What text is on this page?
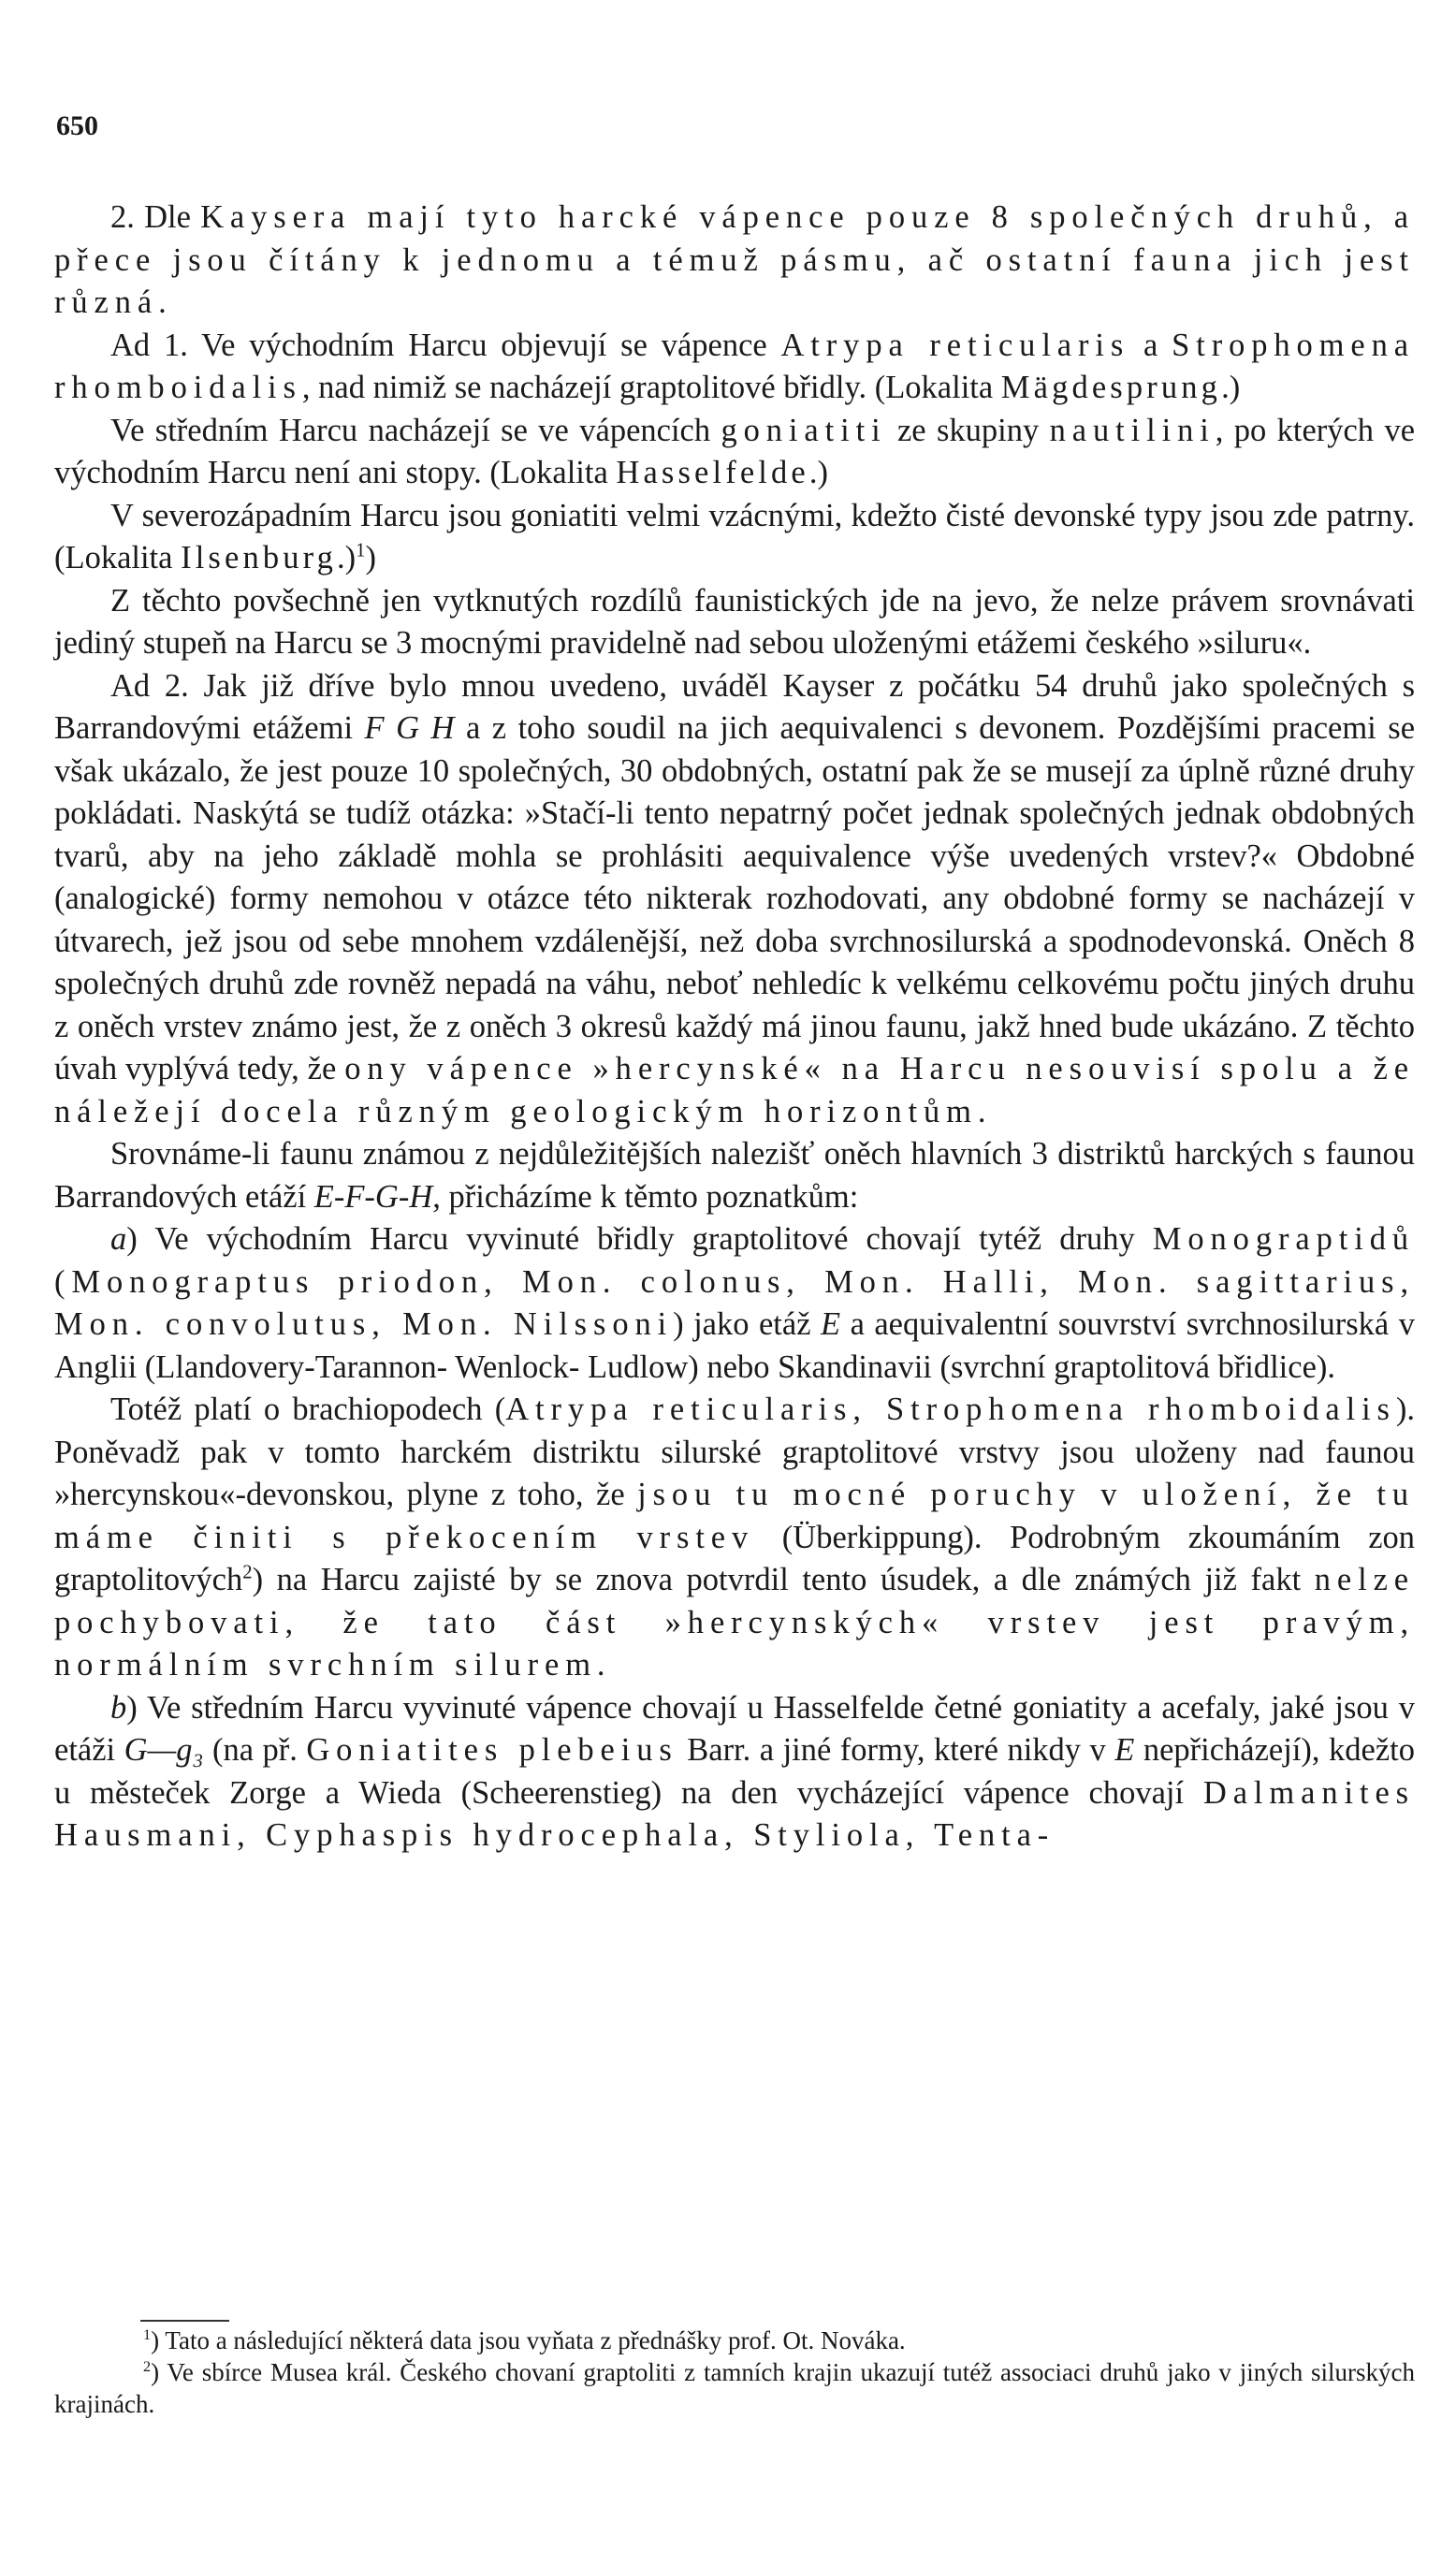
650

2. Dle Kaysera mají tyto harcké vápence pouze 8 společných druhů, a přece jsou čítány k jednomu a témuž pásmu, ač ostatní fauna jich jest různá.

Ad 1. Ve východním Harcu objevují se vápence Atrypa reticularis a Strophomena rhomboidalis, nad nimiž se nacházejí graptolitové břidly. (Lokalita Mägdesprung.)

Ve středním Harcu nacházejí se ve vápencích goniatiti ze skupiny nautilini, po kterých ve východním Harcu není ani stopy. (Lokalita Hasselfelde.)

V severozápadním Harcu jsou goniatiti velmi vzácnými, kdežto čisté devonské typy jsou zde patrny. (Lokalita Ilsenburg.)$^1$)

Z těchto povšechně jen vytknutých rozdílů faunistických jde na jevo, že nelze právem srovnávati jediný stupeň na Harcu se 3 mocnými pravidelně nad sebou uloženými etážemi českého »siluru«.

Ad 2. Jak již dříve bylo mnou uvedeno, uváděl Kayser z počátku 54 druhů jako společných s Barrandovými etážemi F G H a z toho soudil na jich aequivalenci s devonem. Pozdějšími pracemi se však ukázalo, že jest pouze 10 společných, 30 obdobných, ostatní pak že se musejí za úplně různé druhy pokládati. Naskýtá se tudíž otázka: »Stačí-li tento nepatrný počet jednak společných jednak obdobných tvarů, aby na jeho základě mohla se prohlásiti aequivalence výše uvedených vrstev?« Obdobné (analogické) formy nemohou v otázce této nikterak rozhodovati, any obdobné formy se nacházejí v útvarech, jež jsou od sebe mnohem vzdálenější, než doba svrchnosilurská a spodnodevonská. Oněch 8 společných druhů zde rovněž nepadá na váhu, neboť nehledíc k velkému celkovému počtu jiných druhu z oněch vrstev známo jest, že z oněch 3 okresů každý má jinou faunu, jakž hned bude ukázáno. Z těchto úvah vyplývá tedy, že ony vápence »hercynské« na Harcu nesouvisí spolu a že náležejí docela různým geologickým horizontům.

Srovnáme-li faunu známou z nejdůležitějších nalezišť oněch hlavních 3 distriktů harckých s faunou Barrandových etáží E-F-G-H, přicházíme k těmto poznatkům:

a) Ve východním Harcu vyvinuté břidly graptolitové chovají tytéž druhy Monograptidů (Monograptus priodon, Mon. colonus, Mon. Halli, Mon. sagittarius, Mon. convolutus, Mon. Nilssoni) jako etáž E a aequivalentní souvrství svrchnosilurská v Anglii (Llandovery-Tarannon- Wenlock- Ludlow) nebo Skandinavii (svrchní graptolitová břidlice).

Totéž platí o brachiopodech (Atrypa reticularis, Strophomena rhomboidalis). Poněvadž pak v tomto harckém distriktu silurské graptolitové vrstvy jsou uloženy nad faunou »hercynskou«-devonskou, plyne z toho, že jsou tu mocné poruchy v uložení, že tu máme činiti s překocením vrstev (Überkippung). Podrobným zkoumáním zon graptolitových$^2$) na Harcu zajisté by se znova potvrdil tento úsudek, a dle známých již fakt nelze pochybovati, že tato část »hercynských« vrstev jest pravým, normálním svrchním silurem.

b) Ve středním Harcu vyvinuté vápence chovají u Hasselfelde četné goniatity a acefaly, jaké jsou v etáži G—g₃ (na př. Goniatites plebeius Barr. a jiné formy, které nikdy v E nepřicházejí), kdežto u městeček Zorge a Wieda (Scheerenstieg) na den vycházející vápence chovají Dalmanites Hausmani, Cyphaspis hydrocephala, Styliola, Tenta-

$^1$) Tato a následující některá data jsou vyňata z přednášky prof. Ot. Nováka.

$^2$) Ve sbírce Musea král. Českého chovaní graptoliti z tamních krajin ukazují tutéž associaci druhů jako v jiných silurských krajinách.
